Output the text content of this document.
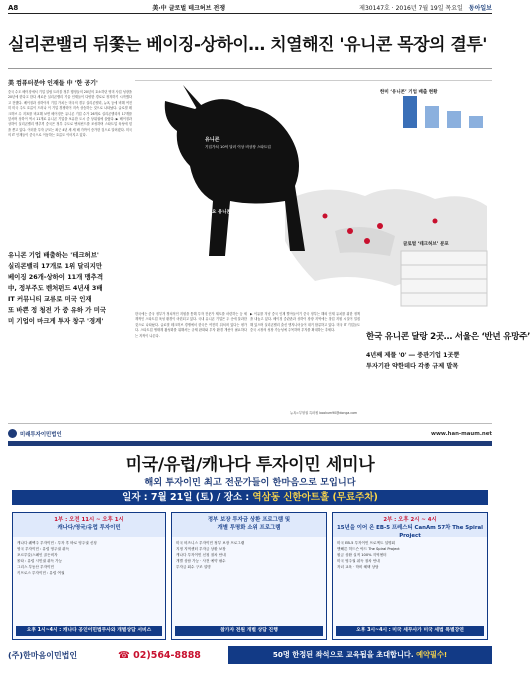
A8	美·中 글로벌 테크허브 전쟁	제30147호 · 2016년 7월 19일 목요일 동아일보
실리콘밸리 뒤쫓는 베이징-상하이… 치열해진 '유니콘 목장의 결투'
美 컴퓨터분야 인재들 中 '한 공기'
중국 수도 베이징에서 기업 설립 트러블 정부 행정들의 20년의 호소하던 영미 사업 성장을 20년에 한다고 한다 새로운 실리콘밸리 기술 인재들이 다양한 경로로 정착하기 시작했다고 전했다. 베이징과 상하이의 기업 가치는 미국의 경우 실리콘밸리, 뉴욕 등에 비해 여전히 미국 주도 흐름이 드러나 이 기업 경쟁력이 지속 상승하는 것으로 나타났다. 글로벌 테크허브 수 지표를 비교해 보면 베이징은 유니콘 기업 수가 26개로 실리콘밸리의 17개를 앞서며 상하이 역시 11개로 유니콘 기업을 보유한 도시 중 상위권에 올랐다. ▶ 베이징과 상하이 실리콘밸리 맹추격 중국은 정부 주도로 벤처펀드를 조성하며 스타트업 육성에 힘을 쏟고 있다. 이러한 투자 규모는 최근 4년 새 세 배 가까이 증가한 것으로 알려졌다. 미국의 IT 인재들이 중국으로 이동하는 흐름도 이어지고 있다.
유니콘 기업 배출하는 '테크허브'
실리콘밸리 17개로 1위 달리지만
베이징 26개-상하이 11개 맹추격
中, 정부주도 벤처펀드 4년새 3배
IT 커뮤니티 교류로 미국 인재
또 바쁜 정 청전 가 중 유하 가 미국
미 기업이 마크게 투자 창구 '경계'
유니콘
기업가치 10억 달러 이상 비상장 스타트업
한미 ‘유니콘’ 기업 배출 현황
한반도 주요 유니콘 기업
글로벌 ‘테크허브’ 분포
한국에는 중국 정부가 정치적인 지원을 통해 투자 전문가 제도를 마련하는 등 세계적인 스타트업 육성 환경이 마련되고 있다. 국내 유니콘 기업은 두 곳에 불과한 것으로 나타났다. 글로벌 테크허브 경쟁에서 한국은 여전히 뒤처져 있다는 평가다. 스타트업 생태계 활성화를 위해서는 규제 완화와 투자 환경 개선이 필요하다는 지적이 나온다.
▶ 이유를 겨냥 중국 인재 빨아들이기 중국 정부는 해외 인재 유치를 위한 정책을 내놓고 있다. 베이징 중관촌과 상하이 장장 지역에는 창업 지원 시설이 밀집해 있으며 실리콘밸리 출신 엔지니어들이 대거 합류하고 있다. 미국 IT 기업들도 중국 시장의 성장 가능성에 주목하며 투자를 확대하는 추세다.
뉴욕=부형권 특파원 bookum90@donga.com
한국 유니콘 달랑 2곳… 서울은 ‘반년 유망주’
4년째 제풀 '0' ― 중관기업 1곳뿐
투자기관 약한데다 각종 규제 발목
미래투자이민법인	www.han-maum.net
미국/유럽/캐나다 투자이민 세미나
해외 투자이민 최고 전문가들이 한마음으로 모입니다
일자 : 7월 21일 (토) / 장소 : 역삼동 신한아트홀 (무료주차)
1부 : 오전 11시 ~ 오후 1시
캐나다/영국/유럽 투자이민
캐나다 퀘벡주 투자이민 : 투자 후 바로 영주권 신청
영국 투자이민 : 유럽 영주권 취득
포르투갈/스페인 골든비자
몰타 : 유럽 시민권 취득 가능
그리스 부동산 투자이민
키프로스 투자이민 : 유럽 여권
오후 1시~4시 : 캐나다 공인이민법무사와 개별상담 서비스
정부 보장 투자금 상환 프로그램 및
개별 투명화 소위 프로그램
미국 비즈니스 투자이민 정부 보장 프로그램
지정 지역센터 투자금 상환 보장
캐나다 투자이민 신청 절차 안내
개별 상담 가능 · 사전 예약 필수
투자금 회수 구조 설명
참가자 전원 개별 상담 진행
2부 : 오후 2시 ~ 4시
15년을 이어 온 EB-5 프레스티 CanAm 57차 The Spiral Project
미국 EB-5 투자이민 프로젝트 설명회
맨해튼 허드슨 야드 The Spiral Project
원금 상환 실적 100% 지역센터
미국 영주권 취득 절차 안내
자녀 교육 · 학비 혜택 상담
오후 3시~4시 : 미국 세무사가 미국 세법 특별강연
(주)한마음이민법인	☎ 02)564-8888	50명 한정된 좌석으로 교육됩을 초대합니다. 예약필수!
